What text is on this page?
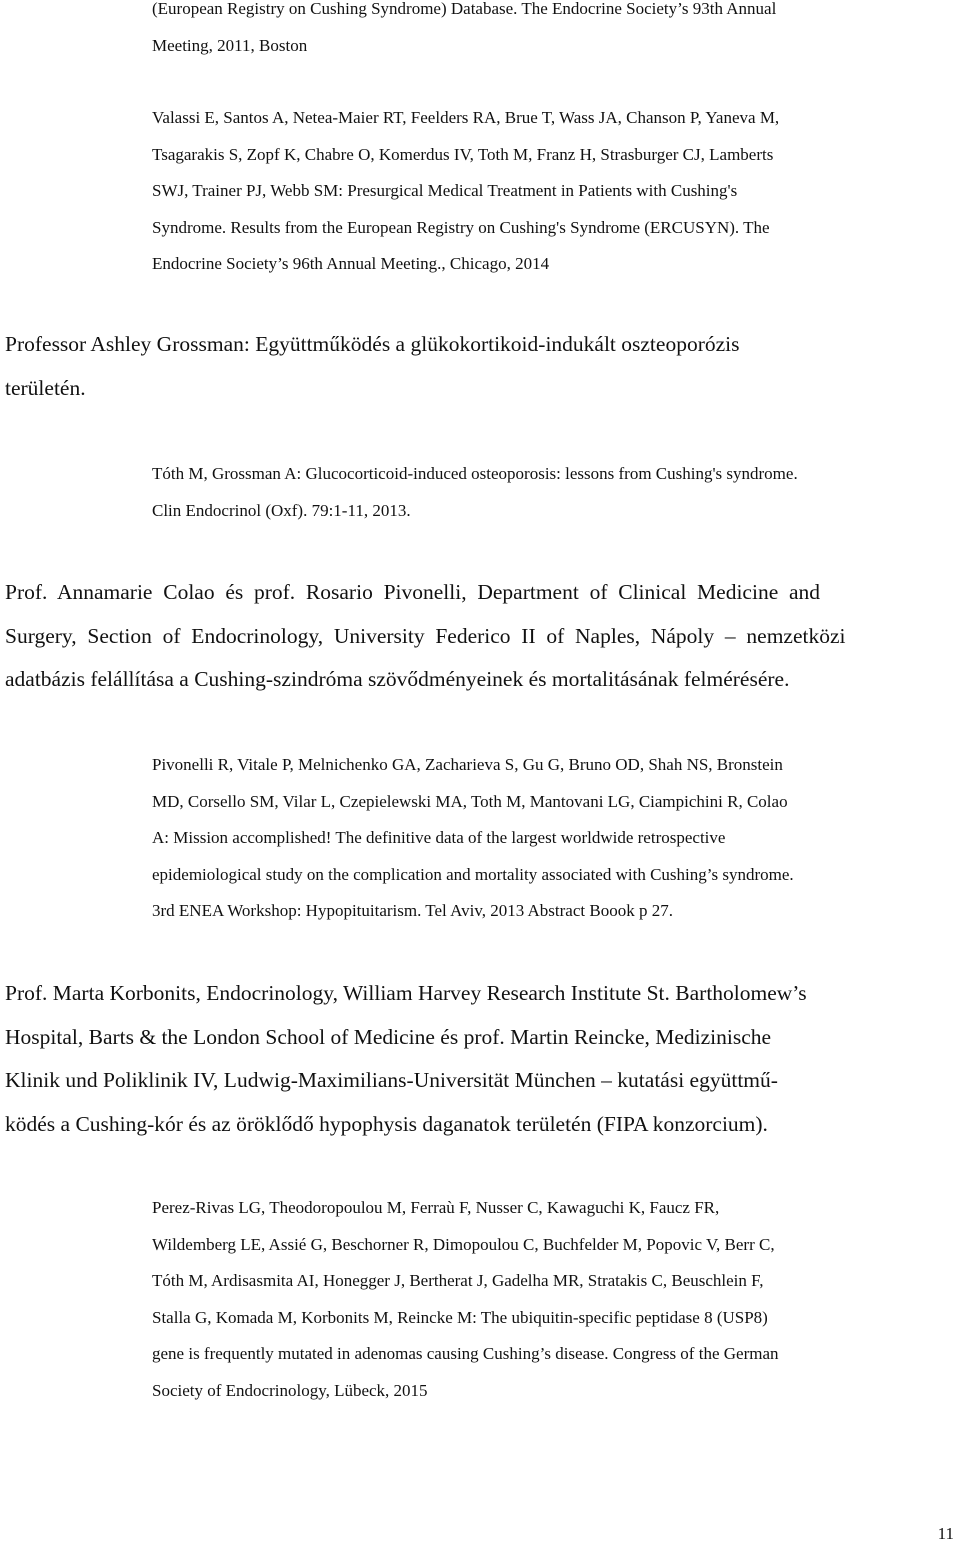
(European Registry on Cushing Syndrome) Database. The Endocrine Society’s 93th Annual
Meeting, 2011, Boston
Valassi E, Santos A, Netea-Maier RT, Feelders RA, Brue T, Wass JA, Chanson P, Yaneva M,
Tsagarakis S, Zopf K, Chabre O, Komerdus IV, Toth M, Franz H, Strasburger CJ, Lamberts
SWJ, Trainer PJ, Webb SM: Presurgical Medical Treatment in Patients with Cushing's
Syndrome. Results from the European Registry on Cushing's Syndrome (ERCUSYN). The
Endocrine Society’s 96th Annual Meeting., Chicago, 2014
Professor Ashley Grossman: Együttműködés a glükokortikoid-indukált oszteoporózis
területén.
Tóth M, Grossman A: Glucocorticoid-induced osteoporosis: lessons from Cushing's syndrome.
Clin Endocrinol (Oxf). 79:1-11, 2013.
Prof.  Annamarie  Colao  és  prof.  Rosario  Pivonelli,  Department  of  Clinical  Medicine  and
Surgery,  Section  of  Endocrinology,  University  Federico  II  of  Naples,  Nápoly  –  nemzetközi
adatbázis felállítása a Cushing-szindróma szövődményeinek és mortalitásának felmérésére.
Pivonelli R, Vitale P, Melnichenko GA, Zacharieva S, Gu G, Bruno OD, Shah NS, Bronstein
MD, Corsello SM, Vilar L, Czepielewski MA, Toth M, Mantovani LG, Ciampichini R, Colao
A: Mission accomplished! The definitive data of the largest worldwide retrospective
epidemiological study on the complication and mortality associated with Cushing’s syndrome.
3rd ENEA Workshop: Hypopituitarism. Tel Aviv, 2013 Abstract Boook p 27.
Prof. Marta Korbonits, Endocrinology, William Harvey Research Institute St. Bartholomew’s
Hospital, Barts & the London School of Medicine és prof. Martin Reincke, Medizinische
Klinik und Poliklinik IV, Ludwig-Maximilians-Universität München – kutatási együttmű-
ködés a Cushing-kór és az öröklődő hypophysis daganatok területén (FIPA konzorcium).
Perez-Rivas LG, Theodoropoulou M, Ferraù F, Nusser C, Kawaguchi K, Faucz FR,
Wildemberg LE, Assié G, Beschorner R, Dimopoulou C, Buchfelder M, Popovic V, Berr C,
Tóth M, Ardisasmita AI, Honegger J, Bertherat J, Gadelha MR, Stratakis C, Beuschlein F,
Stalla G, Komada M, Korbonits M, Reincke M: The ubiquitin-specific peptidase 8 (USP8)
gene is frequently mutated in adenomas causing Cushing’s disease. Congress of the German
Society of Endocrinology, Lübeck, 2015
11
